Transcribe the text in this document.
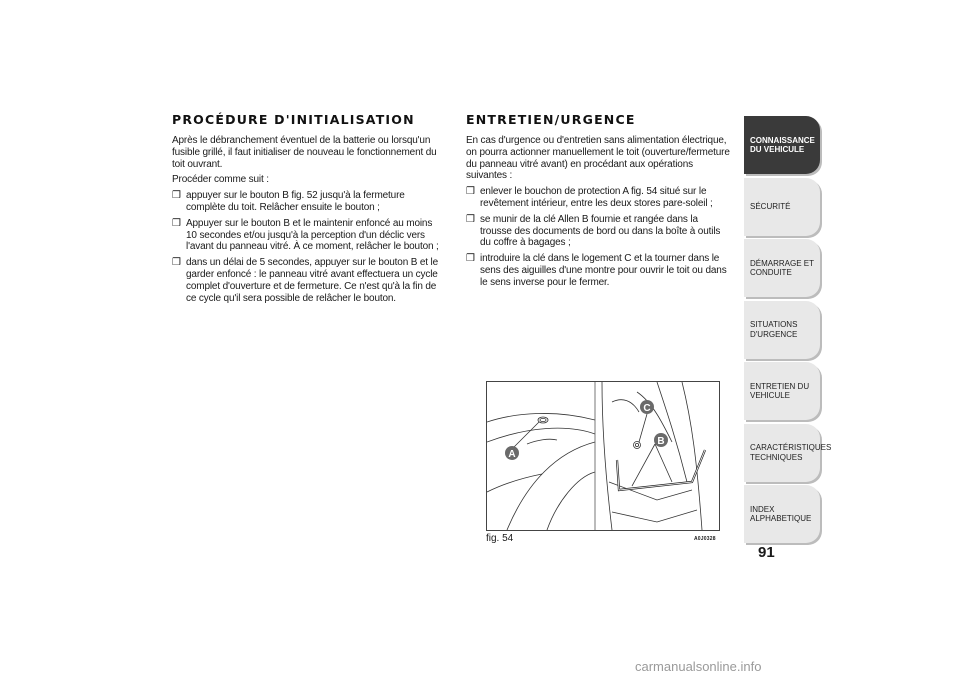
PROCÉDURE D'INITIALISATION

Après le débranchement éventuel de la batterie ou lorsqu'un fusible grillé, il faut initialiser de nouveau le fonctionnement du toit ouvrant.

Procéder comme suit :

❒ appuyer sur le bouton B fig. 52 jusqu'à la fermeture complète du toit. Relâcher ensuite le bouton ;
❒ Appuyer sur le bouton B et le maintenir enfoncé au moins 10 secondes et/ou jusqu'à la perception d'un déclic vers l'avant du panneau vitré. À ce moment, relâcher le bouton ;
❒ dans un délai de 5 secondes, appuyer sur le bouton B et le garder enfoncé : le panneau vitré avant effectuera un cycle complet d'ouverture et de fermeture. Ce n'est qu'à la fin de ce cycle qu'il sera possible de relâcher le bouton.
ENTRETIEN/URGENCE

En cas d'urgence ou d'entretien sans alimentation électrique, on pourra actionner manuellement le toit (ouverture/fermeture du panneau vitré avant) en procédant aux opérations suivantes :

❒ enlever le bouchon de protection A fig. 54 situé sur le revêtement intérieur, entre les deux stores pare-soleil ;
❒ se munir de la clé Allen B fournie et rangée dans la trousse des documents de bord ou dans la boîte à outils du coffre à bagages ;
❒ introduire la clé dans le logement C et la tourner dans le sens des aiguilles d'une montre pour ouvrir le toit ou dans le sens inverse pour le fermer.
C
B
A
fig. 54	A0J0328
CONNAISSANCE DU VEHICULE
SÉCURITÉ
DÉMARRAGE ET CONDUITE
SITUATIONS D'URGENCE
ENTRETIEN DU VEHICULE
CARACTÉRISTIQUES TECHNIQUES
INDEX ALPHABETIQUE
91
carmanualsonline.info
